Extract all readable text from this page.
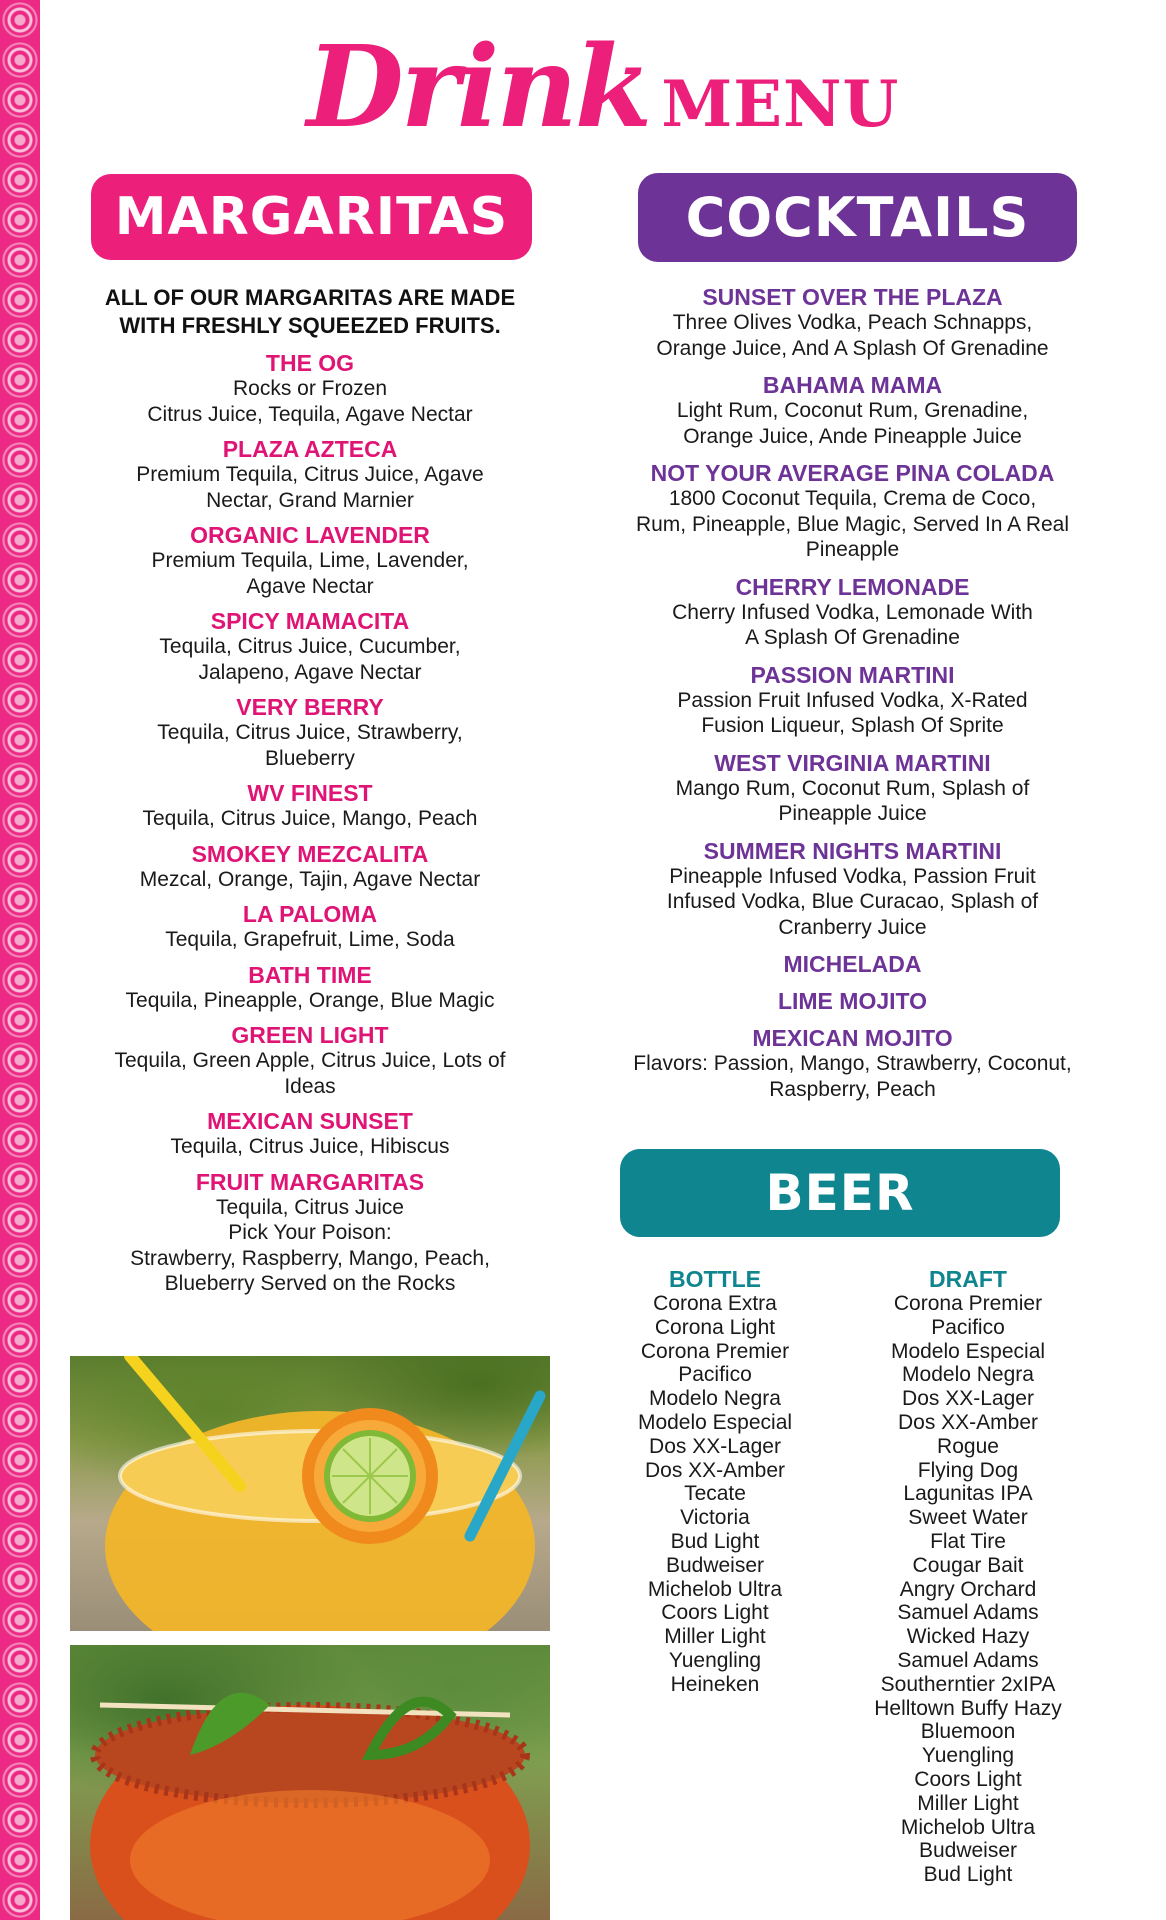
Drink MENU
MARGARITAS	COCKTAILS
BEER
ALL OF OUR MARGARITAS ARE MADE
WITH FRESHLY SQUEEZED FRUITS.
THE OG
Rocks or Frozen
Citrus Juice, Tequila, Agave Nectar
PLAZA AZTECA
Premium Tequila, Citrus Juice, Agave
Nectar, Grand Marnier
ORGANIC LAVENDER
Premium Tequila, Lime, Lavender,
Agave Nectar
SPICY MAMACITA
Tequila, Citrus Juice, Cucumber,
Jalapeno, Agave Nectar
VERY BERRY
Tequila, Citrus Juice, Strawberry,
Blueberry
WV FINEST
Tequila, Citrus Juice, Mango, Peach
SMOKEY MEZCALITA
Mezcal, Orange, Tajin, Agave Nectar
LA PALOMA
Tequila, Grapefruit, Lime, Soda
BATH TIME
Tequila, Pineapple, Orange, Blue Magic
GREEN LIGHT
Tequila, Green Apple, Citrus Juice, Lots of
Ideas
MEXICAN SUNSET
Tequila, Citrus Juice, Hibiscus
FRUIT MARGARITAS
Tequila, Citrus Juice
Pick Your Poison:
Strawberry, Raspberry, Mango, Peach,
Blueberry Served on the Rocks
SUNSET OVER THE PLAZA
Three Olives Vodka, Peach Schnapps,
Orange Juice, And A Splash Of Grenadine
BAHAMA MAMA
Light Rum, Coconut Rum, Grenadine,
Orange Juice, Ande Pineapple Juice
NOT YOUR AVERAGE PINA COLADA
1800 Coconut Tequila, Crema de Coco,
Rum, Pineapple, Blue Magic, Served In A Real
Pineapple
CHERRY LEMONADE
Cherry Infused Vodka, Lemonade With
A Splash Of Grenadine
PASSION MARTINI
Passion Fruit Infused Vodka, X-Rated
Fusion Liqueur, Splash Of Sprite
WEST VIRGINIA MARTINI
Mango Rum, Coconut Rum, Splash of
Pineapple Juice
SUMMER NIGHTS MARTINI
Pineapple Infused Vodka, Passion Fruit
Infused Vodka, Blue Curacao, Splash of
Cranberry Juice
MICHELADA
LIME MOJITO
MEXICAN MOJITO
Flavors: Passion, Mango, Strawberry, Coconut,
Raspberry, Peach
BOTTLE
Corona Extra
Corona Light
Corona Premier
Pacifico
Modelo Negra
Modelo Especial
Dos XX-Lager
Dos XX-Amber
Tecate
Victoria
Bud Light
Budweiser
Michelob Ultra
Coors Light
Miller Light
Yuengling
Heineken
DRAFT
Corona Premier
Pacifico
Modelo Especial
Modelo Negra
Dos XX-Lager
Dos XX-Amber
Rogue
Flying Dog
Lagunitas IPA
Sweet Water
Flat Tire
Cougar Bait
Angry Orchard
Samuel Adams
Wicked Hazy
Samuel Adams
Southerntier 2xIPA
Helltown Buffy Hazy
Bluemoon
Yuengling
Coors Light
Miller Light
Michelob Ultra
Budweiser
Bud Light
